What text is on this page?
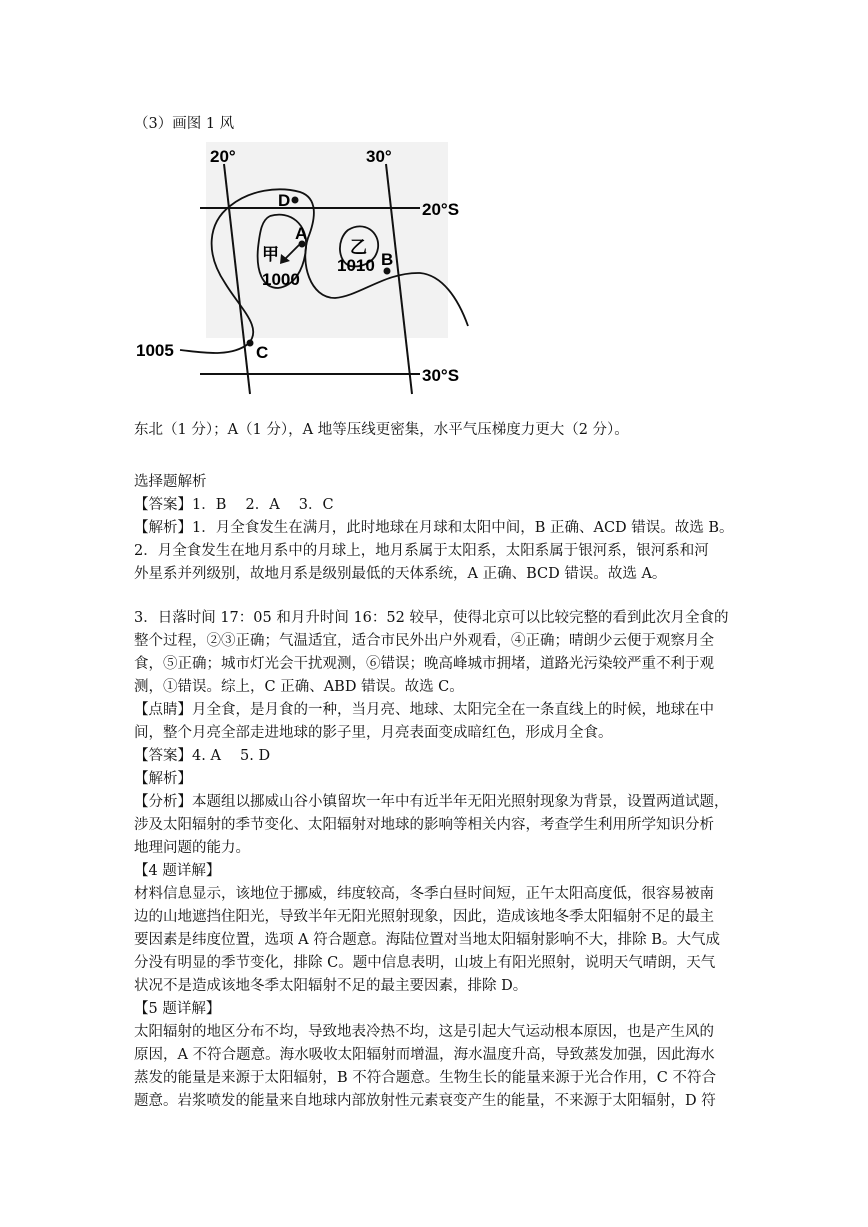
（3）画图 1 风
20°	30°
20°S
30°S
D
A
B
C
甲	乙
1000
1010
1005
东北（1 分）；A（1 分），A 地等压线更密集，水平气压梯度力更大（2 分）。
选择题解析
【答案】1．B　 2．A　 3．C
【解析】1．月全食发生在满月，此时地球在月球和太阳中间，B 正确、ACD 错误。故选 B。
2．月全食发生在地月系中的月球上，地月系属于太阳系，太阳系属于银河系，银河系和河
外星系并列级别，故地月系是级别最低的天体系统，A 正确、BCD 错误。故选 A。
3．日落时间 17：05 和月升时间 16：52 较早，使得北京可以比较完整的看到此次月全食的
整个过程，②③正确；气温适宜，适合市民外出户外观看，④正确；晴朗少云便于观察月全
食，⑤正确；城市灯光会干扰观测，⑥错误；晚高峰城市拥堵，道路光污染较严重不利于观
测，①错误。综上，C 正确、ABD 错误。故选 C。
【点睛】月全食，是月食的一种，当月亮、地球、太阳完全在一条直线上的时候，地球在中
间，整个月亮全部走进地球的影子里，月亮表面变成暗红色，形成月全食。
【答案】4. A　 5. D
【解析】
【分析】本题组以挪威山谷小镇留坎一年中有近半年无阳光照射现象为背景，设置两道试题，
涉及太阳辐射的季节变化、太阳辐射对地球的影响等相关内容，考查学生利用所学知识分析
地理问题的能力。
【4 题详解】
材料信息显示，该地位于挪威，纬度较高，冬季白昼时间短，正午太阳高度低，很容易被南
边的山地遮挡住阳光，导致半年无阳光照射现象，因此，造成该地冬季太阳辐射不足的最主
要因素是纬度位置，选项 A 符合题意。海陆位置对当地太阳辐射影响不大，排除 B。大气成
分没有明显的季节变化，排除 C。题中信息表明，山坡上有阳光照射，说明天气晴朗，天气
状况不是造成该地冬季太阳辐射不足的最主要因素，排除 D。
【5 题详解】
太阳辐射的地区分布不均，导致地表冷热不均，这是引起大气运动根本原因，也是产生风的
原因，A 不符合题意。海水吸收太阳辐射而增温，海水温度升高，导致蒸发加强，因此海水
蒸发的能量是来源于太阳辐射，B 不符合题意。生物生长的能量来源于光合作用，C 不符合
题意。岩浆喷发的能量来自地球内部放射性元素衰变产生的能量，不来源于太阳辐射，D 符
